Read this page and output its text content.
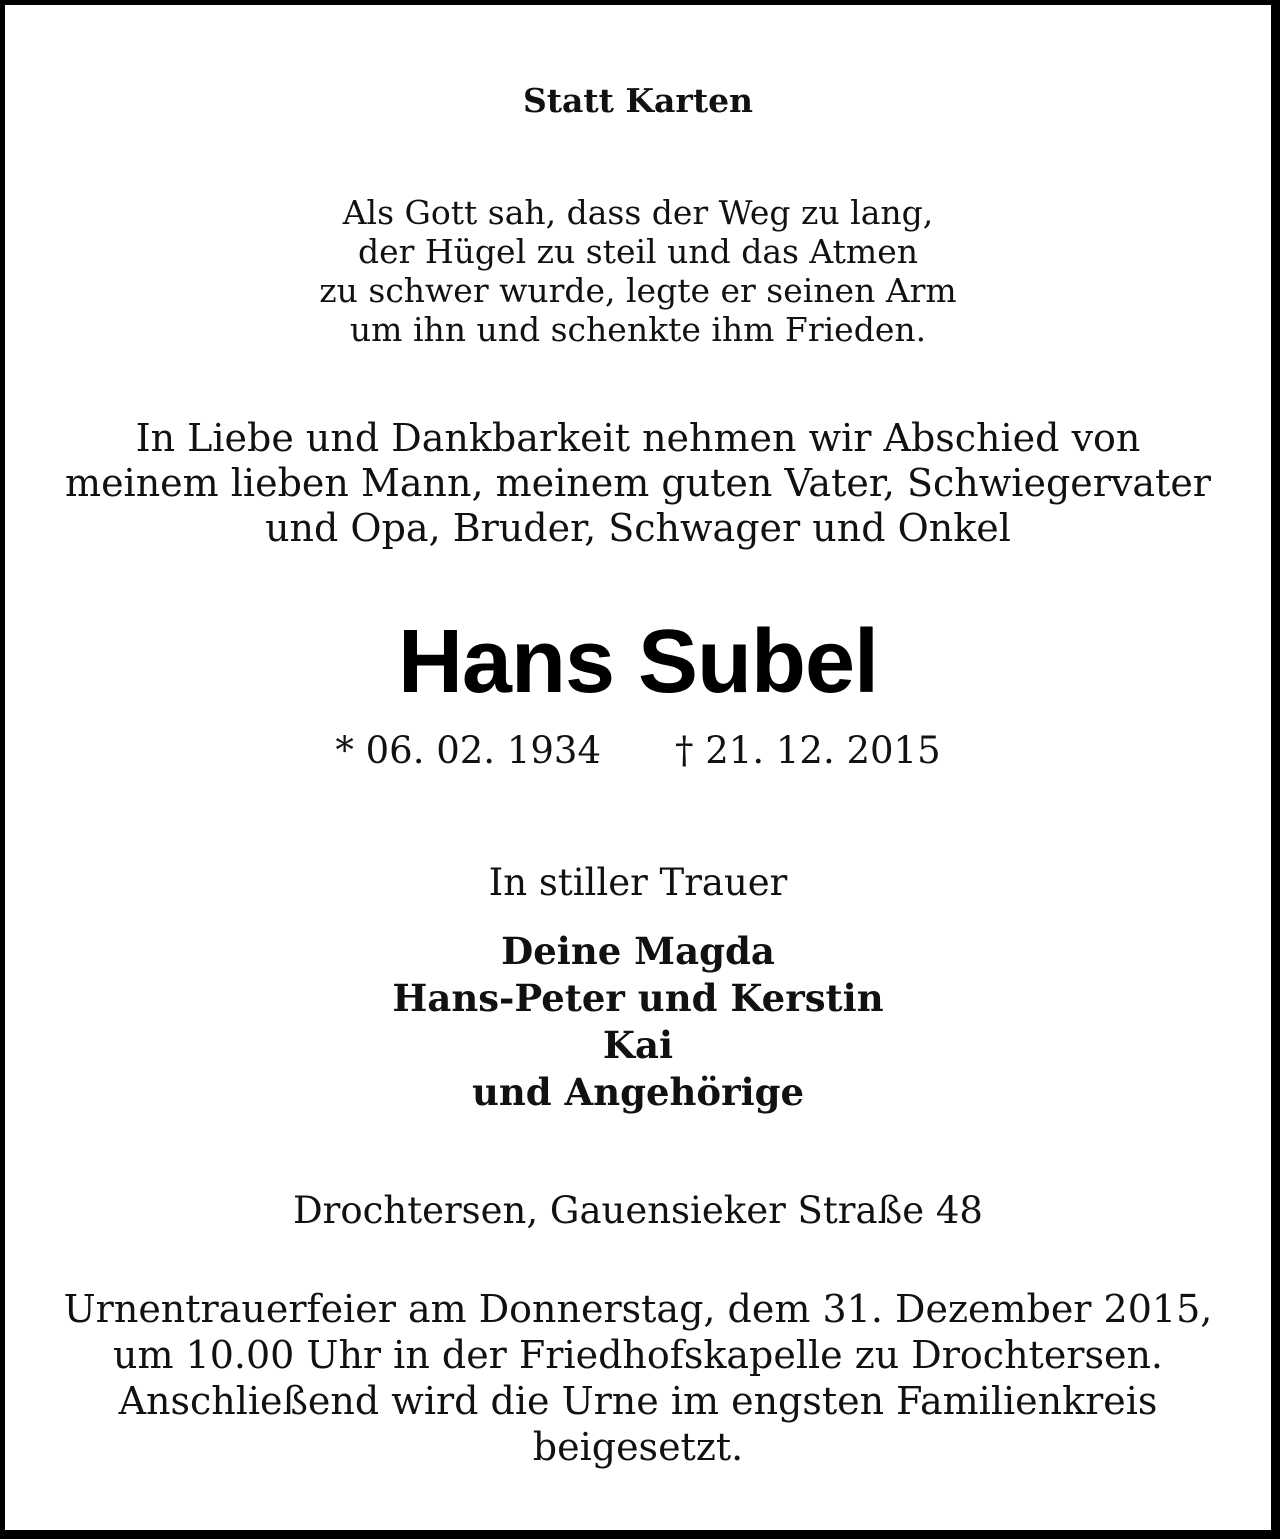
Statt Karten
Als Gott sah, dass der Weg zu lang,
der Hügel zu steil und das Atmen
zu schwer wurde, legte er seinen Arm
um ihn und schenkte ihm Frieden.
In Liebe und Dankbarkeit nehmen wir Abschied von
meinem lieben Mann, meinem guten Vater, Schwiegervater
und Opa, Bruder, Schwager und Onkel
Hans Subel
* 06. 02. 1934 † 21. 12. 2015
In stiller Trauer
Deine Magda
Hans-Peter und Kerstin
Kai
und Angehörige
Drochtersen, Gauensieker Straße 48
Urnentrauerfeier am Donnerstag, dem 31. Dezember 2015,
um 10.00 Uhr in der Friedhofskapelle zu Drochtersen.
Anschließend wird die Urne im engsten Familienkreis
beigesetzt.
